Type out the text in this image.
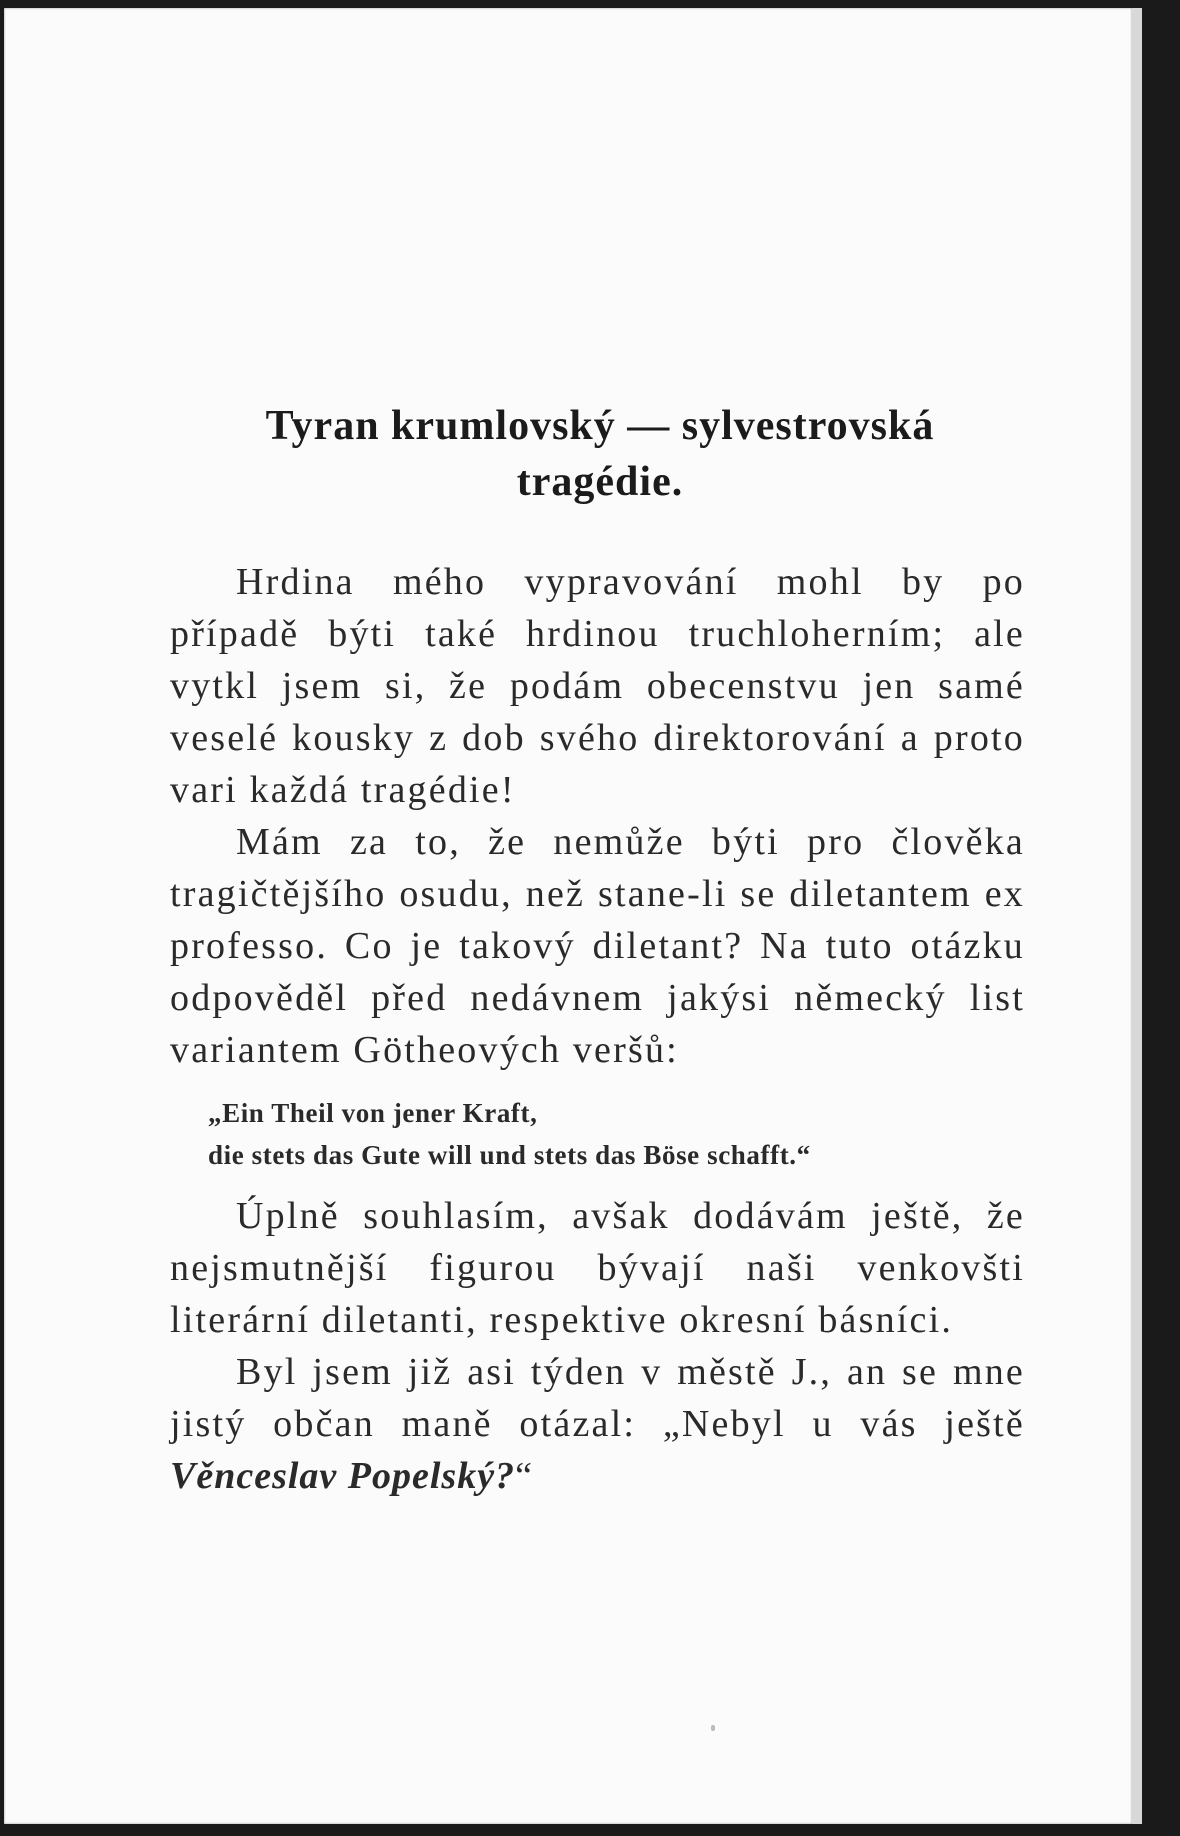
Tyran krumlovský — sylvestrovská
tragédie.

Hrdina mého vypravování mohl by po případě býti také hrdinou truchloherním; ale vytkl jsem si, že podám obecenstvu jen samé veselé kousky z dob svého direktorování a proto vari každá tragédie!

Mám za to, že nemůže býti pro člověka tragičtějšího osudu, než stane-li se diletantem ex professo. Co je takový diletant? Na tuto otázku odpověděl před nedávnem jakýsi německý list variantem Götheových veršů:

„Ein Theil von jener Kraft,
die stets das Gute will und stets das Böse schafft.“

Úplně souhlasím, avšak dodávám ještě, že nejsmutnější figurou bývají naši venkovšti literární diletanti, respektive okresní básníci.

Byl jsem již asi týden v městě J., an se mne jistý občan maně otázal: „Nebyl u vás ještě Věnceslav Popelský?“
